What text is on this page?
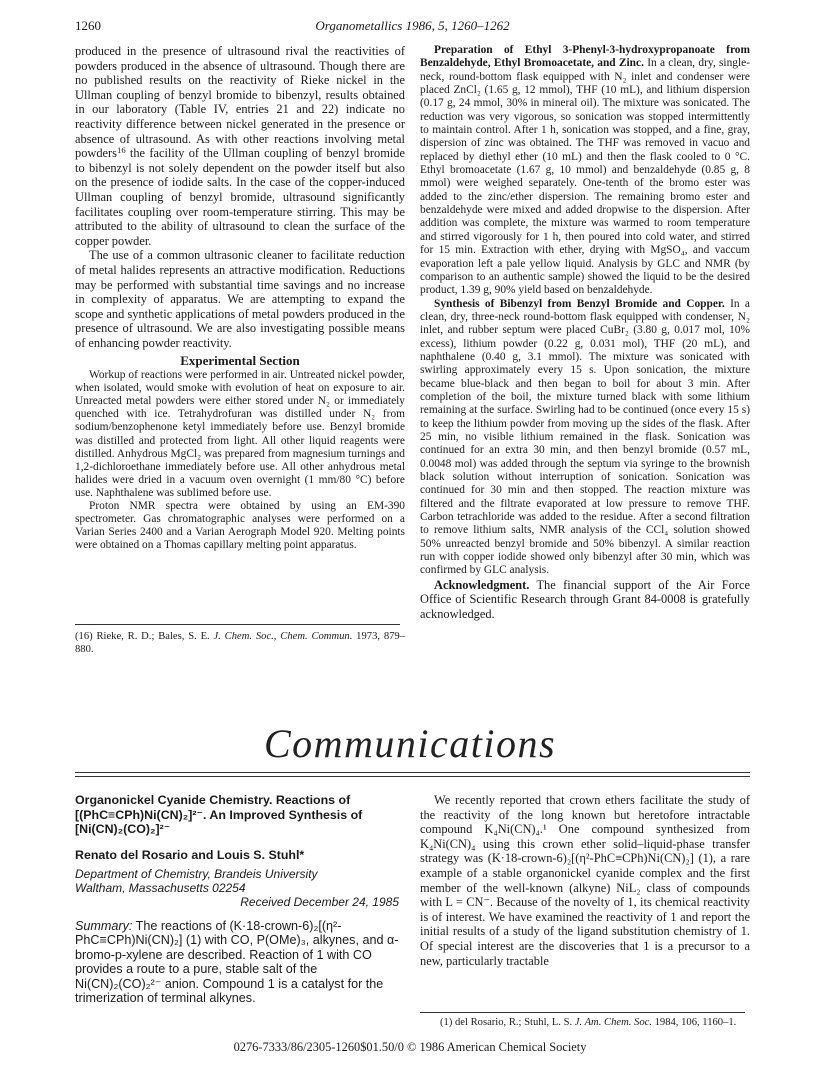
1260	Organometallics 1986, 5, 1260–1262

produced in the presence of ultrasound rival the reactivities of powders produced in the absence of ultrasound. Though there are no published results on the reactivity of Rieke nickel in the Ullman coupling of benzyl bromide to bibenzyl, results obtained in our laboratory (Table IV, entries 21 and 22) indicate no reactivity difference between nickel generated in the presence or absence of ultrasound. As with other reactions involving metal powders$^{16}$ the facility of the Ullman coupling of benzyl bromide to bibenzyl is not solely dependent on the powder itself but also on the presence of iodide salts. In the case of the copper-induced Ullman coupling of benzyl bromide, ultrasound significantly facilitates coupling over room-temperature stirring. This may be attributed to the ability of ultrasound to clean the surface of the copper powder.

The use of a common ultrasonic cleaner to facilitate reduction of metal halides represents an attractive modification. Reductions may be performed with substantial time savings and no increase in complexity of apparatus. We are attempting to expand the scope and synthetic applications of metal powders produced in the presence of ultrasound. We are also investigating possible means of enhancing powder reactivity.

Experimental Section

Workup of reactions were performed in air. Untreated nickel powder, when isolated, would smoke with evolution of heat on exposure to air. Unreacted metal powders were either stored under N₂ or immediately quenched with ice. Tetrahydrofuran was distilled under N₂ from sodium/benzophenone ketyl immediately before use. Benzyl bromide was distilled and protected from light. All other liquid reagents were distilled. Anhydrous MgCl₂ was prepared from magnesium turnings and 1,2-dichloroethane immediately before use. All other anhydrous metal halides were dried in a vacuum oven overnight (1 mm/80 °C) before use. Naphthalene was sublimed before use.

Proton NMR spectra were obtained by using an EM-390 spectrometer. Gas chromatographic analyses were performed on a Varian Series 2400 and a Varian Aerograph Model 920. Melting points were obtained on a Thomas capillary melting point apparatus.

(16) Rieke, R. D.; Bales, S. E. J. Chem. Soc., Chem. Commun. 1973, 879–880.

Preparation of Ethyl 3-Phenyl-3-hydroxypropanoate from Benzaldehyde, Ethyl Bromoacetate, and Zinc. In a clean, dry, single-neck, round-bottom flask equipped with N₂ inlet and condenser were placed ZnCl₂ (1.65 g, 12 mmol), THF (10 mL), and lithium dispersion (0.17 g, 24 mmol, 30% in mineral oil). The mixture was sonicated. The reduction was very vigorous, so sonication was stopped intermittently to maintain control. After 1 h, sonication was stopped, and a fine, gray, dispersion of zinc was obtained. The THF was removed in vacuo and replaced by diethyl ether (10 mL) and then the flask cooled to 0 °C. Ethyl bromoacetate (1.67 g, 10 mmol) and benzaldehyde (0.85 g, 8 mmol) were weighed separately. One-tenth of the bromo ester was added to the zinc/ether dispersion. The remaining bromo ester and benzaldehyde were mixed and added dropwise to the dispersion. After addition was complete, the mixture was warmed to room temperature and stirred vigorously for 1 h, then poured into cold water, and stirred for 15 min. Extraction with ether, drying with MgSO₄, and vaccum evaporation left a pale yellow liquid. Analysis by GLC and NMR (by comparison to an authentic sample) showed the liquid to be the desired product, 1.39 g, 90% yield based on benzaldehyde.

Synthesis of Bibenzyl from Benzyl Bromide and Copper. In a clean, dry, three-neck round-bottom flask equipped with condenser, N₂ inlet, and rubber septum were placed CuBr₂ (3.80 g, 0.017 mol, 10% excess), lithium powder (0.22 g, 0.031 mol), THF (20 mL), and naphthalene (0.40 g, 3.1 mmol). The mixture was sonicated with swirling approximately every 15 s. Upon sonication, the mixture became blue-black and then began to boil for about 3 min. After completion of the boil, the mixture turned black with some lithium remaining at the surface. Swirling had to be continued (once every 15 s) to keep the lithium powder from moving up the sides of the flask. After 25 min, no visible lithium remained in the flask. Sonication was continued for an extra 30 min, and then benzyl bromide (0.57 mL, 0.0048 mol) was added through the septum via syringe to the brownish black solution without interruption of sonication. Sonication was continued for 30 min and then stopped. The reaction mixture was filtered and the filtrate evaporated at low pressure to remove THF. Carbon tetrachloride was added to the residue. After a second filtration to remove lithium salts, NMR analysis of the CCl₄ solution showed 50% unreacted benzyl bromide and 50% bibenzyl. A similar reaction run with copper iodide showed only bibenzyl after 30 min, which was confirmed by GLC analysis.

Acknowledgment. The financial support of the Air Force Office of Scientific Research through Grant 84-0008 is gratefully acknowledged.

Communications
Organonickel Cyanide Chemistry. Reactions of
[(PhC≡CPh)Ni(CN)₂]²⁻. An Improved Synthesis of
[Ni(CN)₂(CO)₂]²⁻
Renato del Rosario and Louis S. Stuhl*
Department of Chemistry, Brandeis University
Waltham, Massachusetts 02254
Received December 24, 1985
Summary: The reactions of (K·18-crown-6)₂[(η²-PhC≡CPh)Ni(CN)₂] (1) with CO, P(OMe)₃, alkynes, and α-bromo-p-xylene are described. Reaction of 1 with CO provides a route to a pure, stable salt of the Ni(CN)₂(CO)₂²⁻ anion. Compound 1 is a catalyst for the trimerization of terminal alkynes.

We recently reported that crown ethers facilitate the study of the reactivity of the long known but heretofore intractable compound K₄Ni(CN)₄.¹ One compound synthesized from K₄Ni(CN)₄ using this crown ether solid–liquid-phase transfer strategy was (K·18-crown-6)₂[(η²-PhC≡CPh)Ni(CN)₂] (1), a rare example of a stable organonickel cyanide complex and the first member of the well-known (alkyne) NiL₂ class of compounds with L = CN⁻. Because of the novelty of 1, its chemical reactivity is of interest. We have examined the reactivity of 1 and report the initial results of a study of the ligand substitution chemistry of 1. Of special interest are the discoveries that 1 is a precursor to a new, particularly tractable

(1) del Rosario, R.; Stuhl, L. S. J. Am. Chem. Soc. 1984, 106, 1160–1.
0276-7333/86/2305-1260$01.50/0 © 1986 American Chemical Society
